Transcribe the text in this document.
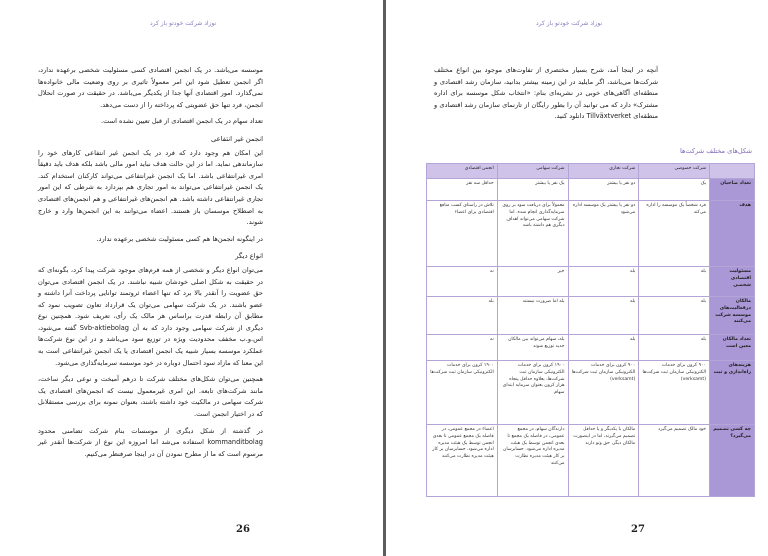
نوزاد شرکت خودتو باز کرد

موسسه می‌باشد. در یک انجمن اقتصادی کسی مسئولیت شخصی برعهده ندارد، اگر انجمن تعطیل شود این امر معمولاً تاثیری بر روی وضعیت مالی خانواده‌ها نمی‌گذارد. امور اقتصادی آنها جدا از یکدیگر می‌باشد. در حقیقت در صورت انحلال انجمن، فرد تنها حق عضویتی که پرداخته را از دست می‌دهد.

تعداد سهام در یک انجمن اقتصادی از قبل تعیین نشده است.

انجمن غیر انتفاعی

این امکان هم وجود دارد که فرد در یک انجمن غیر انتفاعی کارهای خود را سازماندهی نماید. اما در این حالت هدف نباید امور مالی باشد بلکه هدف باید دقیقاً امری غیرانتفاعی باشد. اما یک انجمن غیرانتفاعی می‌تواند کارکنان استخدام کند. یک انجمن غیرانتفاعی می‌تواند به امور تجاری هم بپردازد به شرطی که این امور تجاری غیرانتفاعی داشته باشد. هم انجمن‌های غیرانتفاعی و هم انجمن‌های اقتصادی به اصطلاح موسسان باز هستند. اعضاء می‌توانند به این انجمن‌ها وارد و خارج شوند.

در اینگونه انجمن‌ها هم کسی مسئولیت شخصی برعهده ندارد.

انواع دیگر

می‌توان انواع دیگر و شخصی از همه فرم‌های موجود شرکت پیدا کرد، بگونه‌ای که در حقیقت به شکل اصلی خودشان شبیه نباشند. در یک انجمن اقتصادی می‌توان حق عضویت را آنقدر بالا برد که تنها اعضاء ثروتمند توانایی پرداخت آنرا داشته و عضو باشند. در یک شرکت سهامی می‌توان یک قرارداد تعاون تصویب نمود که مطابق آن رابطه قدرت براساس هر مالک یک رأی، تعریف شود. همچنین نوع دیگری از شرکت سهامی وجود دارد که به آن Svb-aktiebolag گفته می‌شود، اس.و.ب مخفف محدودیت ویژه در توزیع سود می‌باشد و در این نوع شرکت‌ها عملکرد موسسه بسیار شبیه یک انجمن اقتصادی یا یک انجمن غیرانتفاعی است به این معنا که مازاد سود احتمال دوباره در خود موسسه سرمایه‌گذاری می‌شود.

همچنین می‌توان شکل‌های مختلف شرکت تا درهم آمیخت و نوعی دیگر ساخت، مانند شرکت‌های تابعه. این امری غیرمعمول نیست که انجمن‌های اقتصادی یک شرکت سهامی در مالکیت خود داشته باشند، بعنوان نمونه برای بررسی مستقلانل که در اختیار انجمن است.

در گذشته از شکل دیگری از موسسات بنام شرکت تضامنی محدود kommanditbolag استفاده می‌شد اما امروزه این نوع از شرکت‌ها آنقدر غیر مرسوم است که ما از مطرح نمودن آن در اینجا صرفنظر می‌کنیم.

26
نوزاد شرکت خودتو باز کرد

آنچه در اینجا آمد، شرح بسیار مختصری از تفاوت‌های موجود بین انواع مختلف شرکت‌ها می‌باشد، اگر مایلید در این زمینه بیشتر بدانید، سازمان رشد اقتصادی و منطقه‌ای آگاهی‌های خوبی در نشریه‌ای بنام: «انتخاب شکل موسسه برای اداره مشترک» دارد که می توانید آن را بطور رایگان از تارنمای سازمان رشد اقتصادی و منطقه‌ای Tillväxtverket دانلود کنید.

شکل‌های مختلف شرکت‌ها
	شرکت خصوصی	شرکت تجاری	شرکت سهامی	انجمن اقتصادی
تعداد صاحبان	یک	دو نفر یا بیشتر	یک نفر یا بیشتر	حداقل سه نفر
هدف	فرد شخصاً یک موسسه را اداره می‌کند	دو نفر یا بیشتر یک موسسه اداره می‌شود	معمولاً برای دریافت سود بر روی سرمایه‌گذاری انجام شده. اما شرکت سهامی می‌تواند اهداف دیگری هم داشته باشد	تلاش در راستای کسب منافع اقتصادی برای اعضاء
مسئولیت اقتصادی شخصی	بله	بله	خیر	نه
مالکان درفعالیت‌های موسسه شرکت می‌کنند	بله	بله	بله اما ضرورت نیستند	بله
تعداد مالکان معین است	بله	بله	بله، سهام می‌تواند بین مالکان جدید توزیع شوند	نه
هزینه‌های راه‌اندازی و ثبت	۹۰۰ کرون برای خدمات الکترونیکی سازمان ثبت شرکت‌ها (verksamt)	۹۰۰ کرون برای خدمات الکترونیکی سازمان ثبت شرکت‌ها (verksamt)	۱۹۰۰ کرون برای خدمات الکترونیکی سازمان ثبت شرکت‌ها، بعلاوه حداقل پنجاه هزار کرون بعنوان سرمایه ابتدای سهام	۱۹۰۰ کرون برای خدمات الکترونیکی سازمان ثبت شرکت‌ها
چه کسی تصمیم می‌گیرد؟	خود مالک تصمیم می‌گیرد	مالکان با یکدیگر و یا حداقل تصمیم می‌گیرند، اما در اینصورت مالکان دیگر، حق وتو دارند	دارندگان سهام، در مجمع عمومی، در فاصله یک مجمع تا بعدی انجمن توسط یک هیئت مدیره اداره می‌شود. حسابرسان بر کار هیئت مدیره نظارت می‌کنند	اعضاء در مجمع عمومی، در فاصله یک مجمع عمومی تا بعدی انجمن توسط یک هیئت مدیره اداره می‌شود. حسابرسان بر کار هیئت مدیره نظارت می‌کنند
27
